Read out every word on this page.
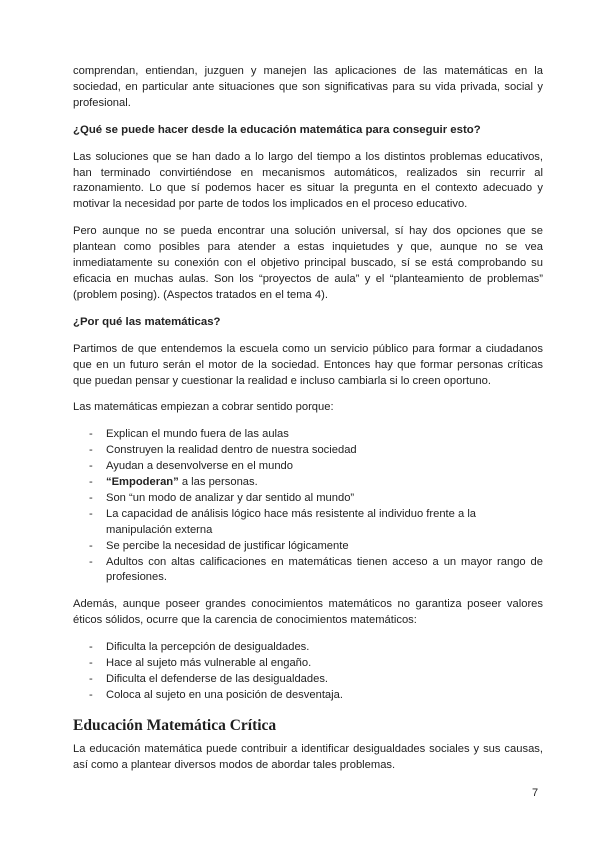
comprendan, entiendan, juzguen y manejen las aplicaciones de las matemáticas en la sociedad, en particular ante situaciones que son significativas para su vida privada, social y profesional.

¿Qué se puede hacer desde la educación matemática para conseguir esto?

Las soluciones que se han dado a lo largo del tiempo a los distintos problemas educativos, han terminado convirtiéndose en mecanismos automáticos, realizados sin recurrir al razonamiento. Lo que sí podemos hacer es situar la pregunta en el contexto adecuado y motivar la necesidad por parte de todos los implicados en el proceso educativo.

Pero aunque no se pueda encontrar una solución universal, sí hay dos opciones que se plantean como posibles para atender a estas inquietudes y que, aunque no se vea inmediatamente su conexión con el objetivo principal buscado, sí se está comprobando su eficacia en muchas aulas. Son los “proyectos de aula” y el “planteamiento de problemas” (problem posing). (Aspectos tratados en el tema 4).

¿Por qué las matemáticas?

Partimos de que entendemos la escuela como un servicio público para formar a ciudadanos que en un futuro serán el motor de la sociedad. Entonces hay que formar personas críticas que puedan pensar y cuestionar la realidad e incluso cambiarla si lo creen oportuno.

Las matemáticas empiezan a cobrar sentido porque:

- Explican el mundo fuera de las aulas
- Construyen la realidad dentro de nuestra sociedad
- Ayudan a desenvolverse en el mundo
- “Empoderan” a las personas.
- Son “un modo de analizar y dar sentido al mundo”
- La capacidad de análisis lógico hace más resistente al individuo frente a la manipulación externa
- Se percibe la necesidad de justificar lógicamente
- Adultos con altas calificaciones en matemáticas tienen acceso a un mayor rango de profesiones.

Además, aunque poseer grandes conocimientos matemáticos no garantiza poseer valores éticos sólidos, ocurre que la carencia de conocimientos matemáticos:

- Dificulta la percepción de desigualdades.
- Hace al sujeto más vulnerable al engaño.
- Dificulta el defenderse de las desigualdades.
- Coloca al sujeto en una posición de desventaja.
Educación Matemática Crítica

La educación matemática puede contribuir a identificar desigualdades sociales y sus causas, así como a plantear diversos modos de abordar tales problemas.

7
